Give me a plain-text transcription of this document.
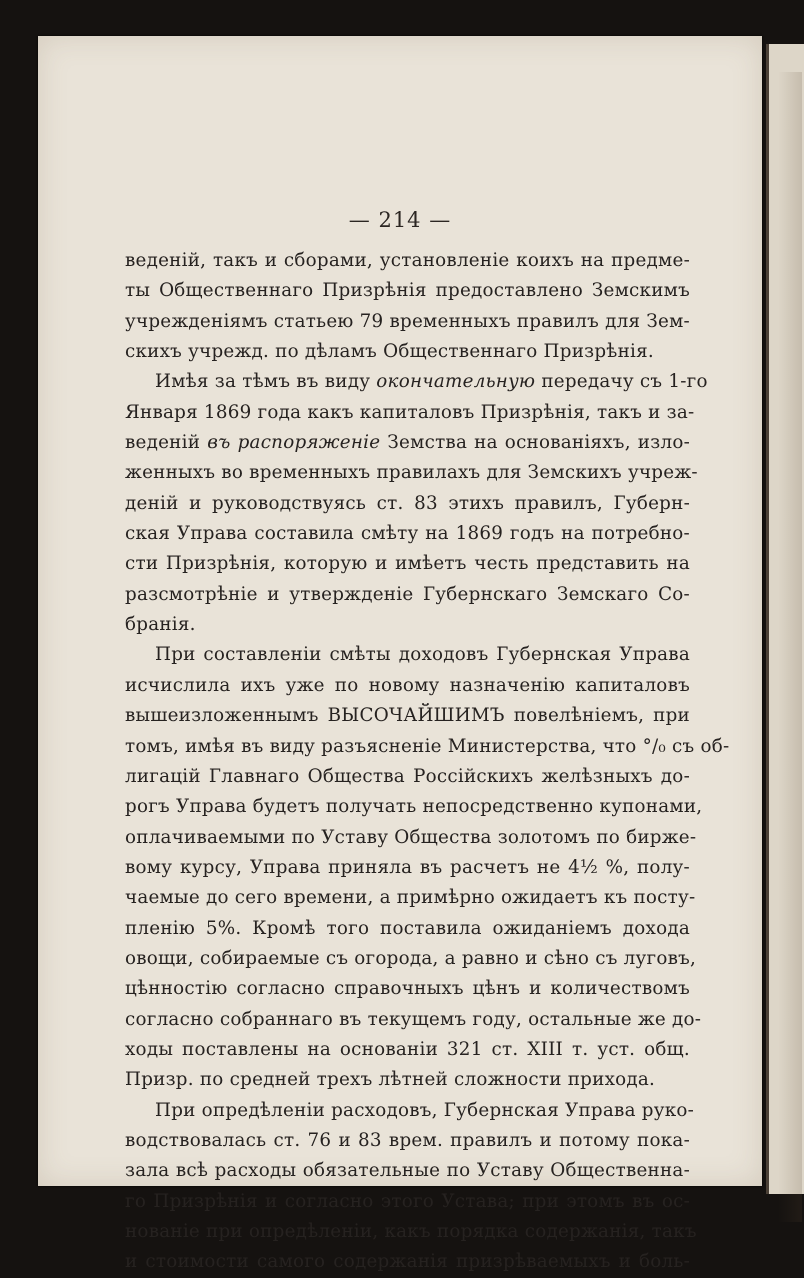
— 214 —
веденій, такъ и сборами, установленіе коихъ на предме-
ты Общественнаго Призрѣнія предоставлено Земскимъ
учрежденіямъ статьею 79 временныхъ правилъ для Зем-
скихъ учрежд. по дѣламъ Общественнаго Призрѣнія.
Имѣя за тѣмъ въ виду окончательную передачу съ 1-го
Января 1869 года какъ капиталовъ Призрѣнія, такъ и за-
веденій въ распоряженіе Земства на основаніяхъ, изло-
женныхъ во временныхъ правилахъ для Земскихъ учреж-
деній и руководствуясь ст. 83 этихъ правилъ, Губерн-
ская Управа составила смѣту на 1869 годъ на потребно-
сти Призрѣнія, которую и имѣетъ честь представить на
разсмотрѣніе и утвержденіе Губернскаго Земскаго Со-
бранія.
При составленіи смѣты доходовъ Губернская Управа
исчислила ихъ уже по новому назначенію капиталовъ
вышеизложеннымъ ВЫСОЧАЙШИМЪ повелѣніемъ, при
томъ, имѣя въ виду разъясненіе Министерства, что °/₀ съ об-
лигацій Главнаго Общества Россійскихъ желѣзныхъ до-
рогъ Управа будетъ получать непосредственно купонами,
оплачиваемыми по Уставу Общества золотомъ по бирже-
вому курсу, Управа приняла въ расчетъ не 4½ %, полу-
чаемые до сего времени, а примѣрно ожидаетъ къ посту-
пленію 5%. Кромѣ того поставила ожиданіемъ дохода
овощи, собираемые съ огорода, а равно и сѣно съ луговъ,
цѣнностію согласно справочныхъ цѣнъ и количествомъ
согласно собраннаго въ текущемъ году, остальные же до-
ходы поставлены на основаніи 321 ст. XIII т. уст. общ.
Призр. по средней трехъ лѣтней сложности прихода.
При опредѣленіи расходовъ, Губернская Управа руко-
водствовалась ст. 76 и 83 врем. правилъ и потому пока-
зала всѣ расходы обязательные по Уставу Общественна-
го Призрѣнія и согласно этого Устава; при этомъ въ ос-
нованіе при опредѣленіи, какъ порядка содержанія, такъ
и стоимости самого содержанія призрѣваемыхъ и боль-
